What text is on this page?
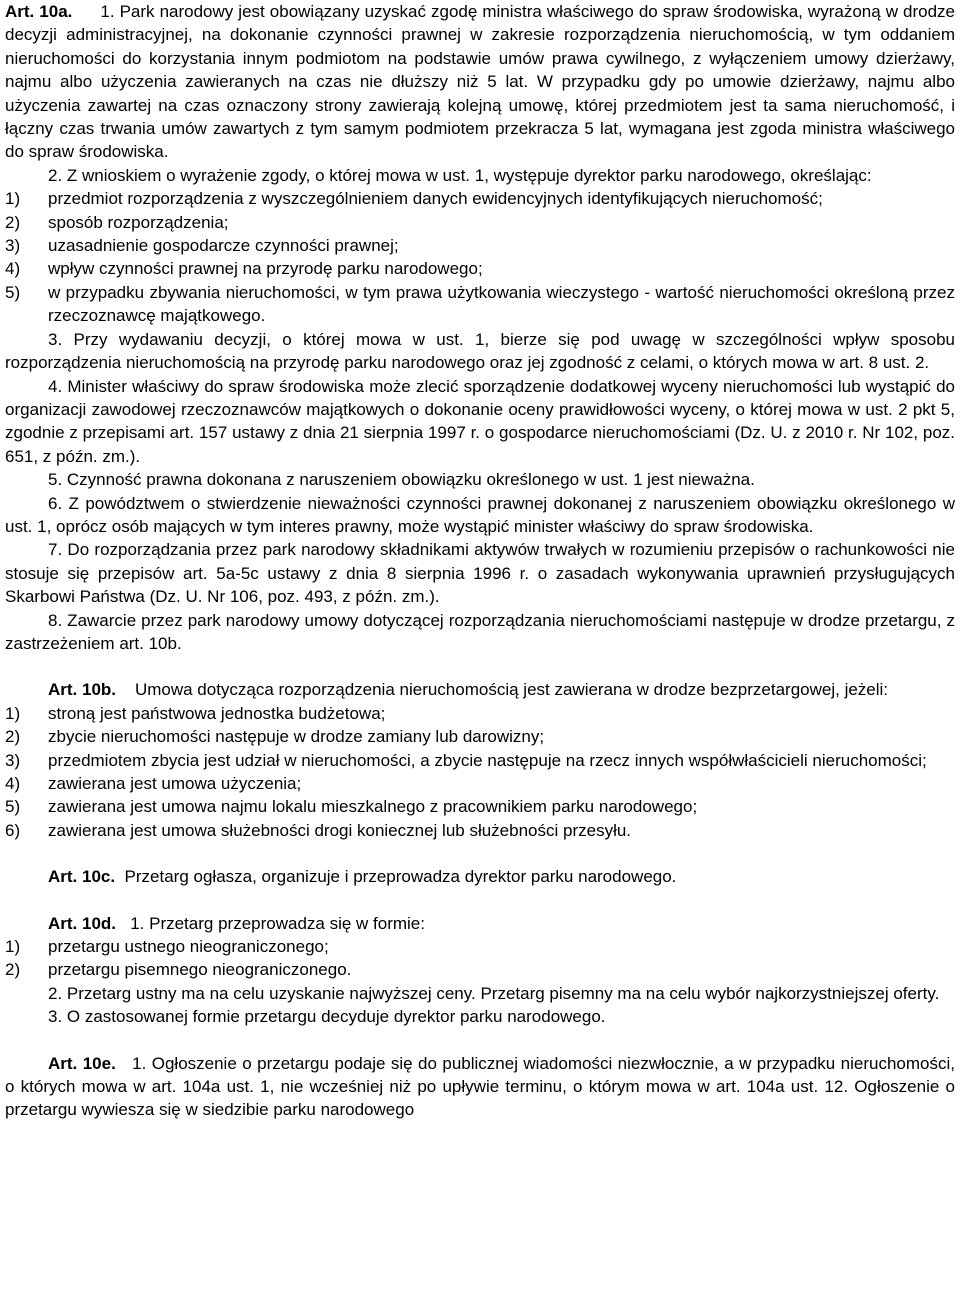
Art. 10a. 1. Park narodowy jest obowiązany uzyskać zgodę ministra właściwego do spraw środowiska, wyrażoną w drodze decyzji administracyjnej, na dokonanie czynności prawnej w zakresie rozporządzenia nieruchomością, w tym oddaniem nieruchomości do korzystania innym podmiotom na podstawie umów prawa cywilnego, z wyłączeniem umowy dzierżawy, najmu albo użyczenia zawieranych na czas nie dłuższy niż 5 lat. W przypadku gdy po umowie dzierżawy, najmu albo użyczenia zawartej na czas oznaczony strony zawierają kolejną umowę, której przedmiotem jest ta sama nieruchomość, i łączny czas trwania umów zawartych z tym samym podmiotem przekracza 5 lat, wymagana jest zgoda ministra właściwego do spraw środowiska.

2. Z wnioskiem o wyrażenie zgody, o której mowa w ust. 1, występuje dyrektor parku narodowego, określając:

1) przedmiot rozporządzenia z wyszczególnieniem danych ewidencyjnych identyfikujących nieruchomość;
2) sposób rozporządzenia;
3) uzasadnienie gospodarcze czynności prawnej;
4) wpływ czynności prawnej na przyrodę parku narodowego;
5) w przypadku zbywania nieruchomości, w tym prawa użytkowania wieczystego - wartość nieruchomości określoną przez rzeczoznawcę majątkowego.

3. Przy wydawaniu decyzji, o której mowa w ust. 1, bierze się pod uwagę w szczególności wpływ sposobu rozporządzenia nieruchomością na przyrodę parku narodowego oraz jej zgodność z celami, o których mowa w art. 8 ust. 2.

4. Minister właściwy do spraw środowiska może zlecić sporządzenie dodatkowej wyceny nieruchomości lub wystąpić do organizacji zawodowej rzeczoznawców majątkowych o dokonanie oceny prawidłowości wyceny, o której mowa w ust. 2 pkt 5, zgodnie z przepisami art. 157 ustawy z dnia 21 sierpnia 1997 r. o gospodarce nieruchomościami (Dz. U. z 2010 r. Nr 102, poz. 651, z późn. zm.).

5. Czynność prawna dokonana z naruszeniem obowiązku określonego w ust. 1 jest nieważna.

6. Z powództwem o stwierdzenie nieważności czynności prawnej dokonanej z naruszeniem obowiązku określonego w ust. 1, oprócz osób mających w tym interes prawny, może wystąpić minister właściwy do spraw środowiska.

7. Do rozporządzania przez park narodowy składnikami aktywów trwałych w rozumieniu przepisów o rachunkowości nie stosuje się przepisów art. 5a-5c ustawy z dnia 8 sierpnia 1996 r. o zasadach wykonywania uprawnień przysługujących Skarbowi Państwa (Dz. U. Nr 106, poz. 493, z późn. zm.).

8. Zawarcie przez park narodowy umowy dotyczącej rozporządzania nieruchomościami następuje w drodze przetargu, z zastrzeżeniem art. 10b.

Art. 10b. Umowa dotycząca rozporządzenia nieruchomością jest zawierana w drodze bezprzetargowej, jeżeli:

1) stroną jest państwowa jednostka budżetowa;
2) zbycie nieruchomości następuje w drodze zamiany lub darowizny;
3) przedmiotem zbycia jest udział w nieruchomości, a zbycie następuje na rzecz innych współwłaścicieli nieruchomości;
4) zawierana jest umowa użyczenia;
5) zawierana jest umowa najmu lokalu mieszkalnego z pracownikiem parku narodowego;
6) zawierana jest umowa służebności drogi koniecznej lub służebności przesyłu.

Art. 10c. Przetarg ogłasza, organizuje i przeprowadza dyrektor parku narodowego.

Art. 10d. 1. Przetarg przeprowadza się w formie:

1) przetargu ustnego nieograniczonego;
2) przetargu pisemnego nieograniczonego.

2. Przetarg ustny ma na celu uzyskanie najwyższej ceny. Przetarg pisemny ma na celu wybór najkorzystniejszej oferty.

3. O zastosowanej formie przetargu decyduje dyrektor parku narodowego.

Art. 10e. 1. Ogłoszenie o przetargu podaje się do publicznej wiadomości niezwłocznie, a w przypadku nieruchomości, o których mowa w art. 104a ust. 1, nie wcześniej niż po upływie terminu, o którym mowa w art. 104a ust. 12. Ogłoszenie o przetargu wywiesza się w siedzibie parku narodowego
